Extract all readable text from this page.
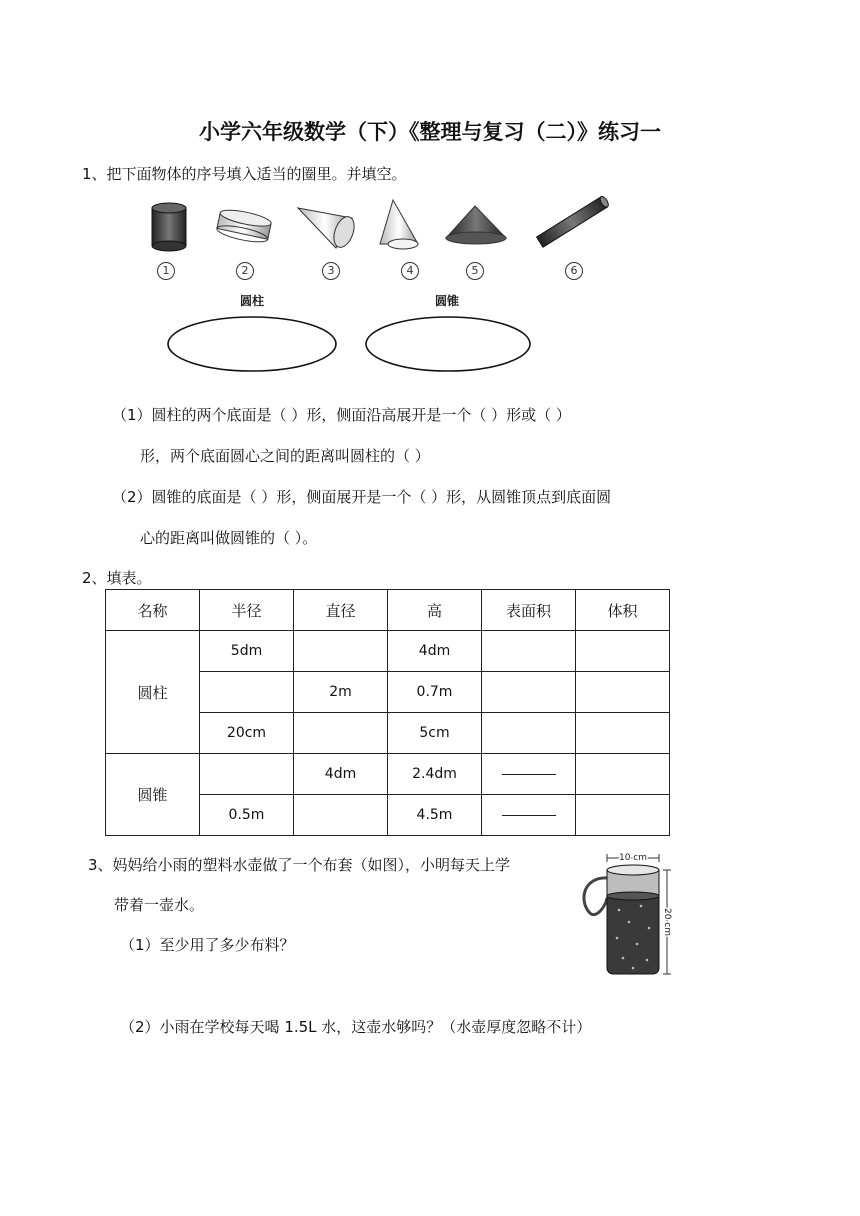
小学六年级数学（下）《整理与复习（二）》练习一
1、把下面物体的序号填入适当的圈里。并填空。
1	2	3	4	5	6
圆柱	圆锥
（1）圆柱的两个底面是（ ）形，侧面沿高展开是一个（ ）形或（ ）
形，两个底面圆心之间的距离叫圆柱的（ ）
（2）圆锥的底面是（ ）形，侧面展开是一个（ ）形，从圆锥顶点到底面圆
心的距离叫做圆锥的（ ）。
2、填表。
名称	半径	直径	高	表面积	体积
圆柱	5dm		4dm		
		2m	0.7m		
	20cm		5cm		
圆锥		4dm	2.4dm		
	0.5m		4.5m		
3、妈妈给小雨的塑料水壶做了一个布套（如图），小明每天上学
带着一壶水。
（1）至少用了多少布料？
（2）小雨在学校每天喝 1.5L 水，这壶水够吗？（水壶厚度忽略不计）
10 cm
20 cm
